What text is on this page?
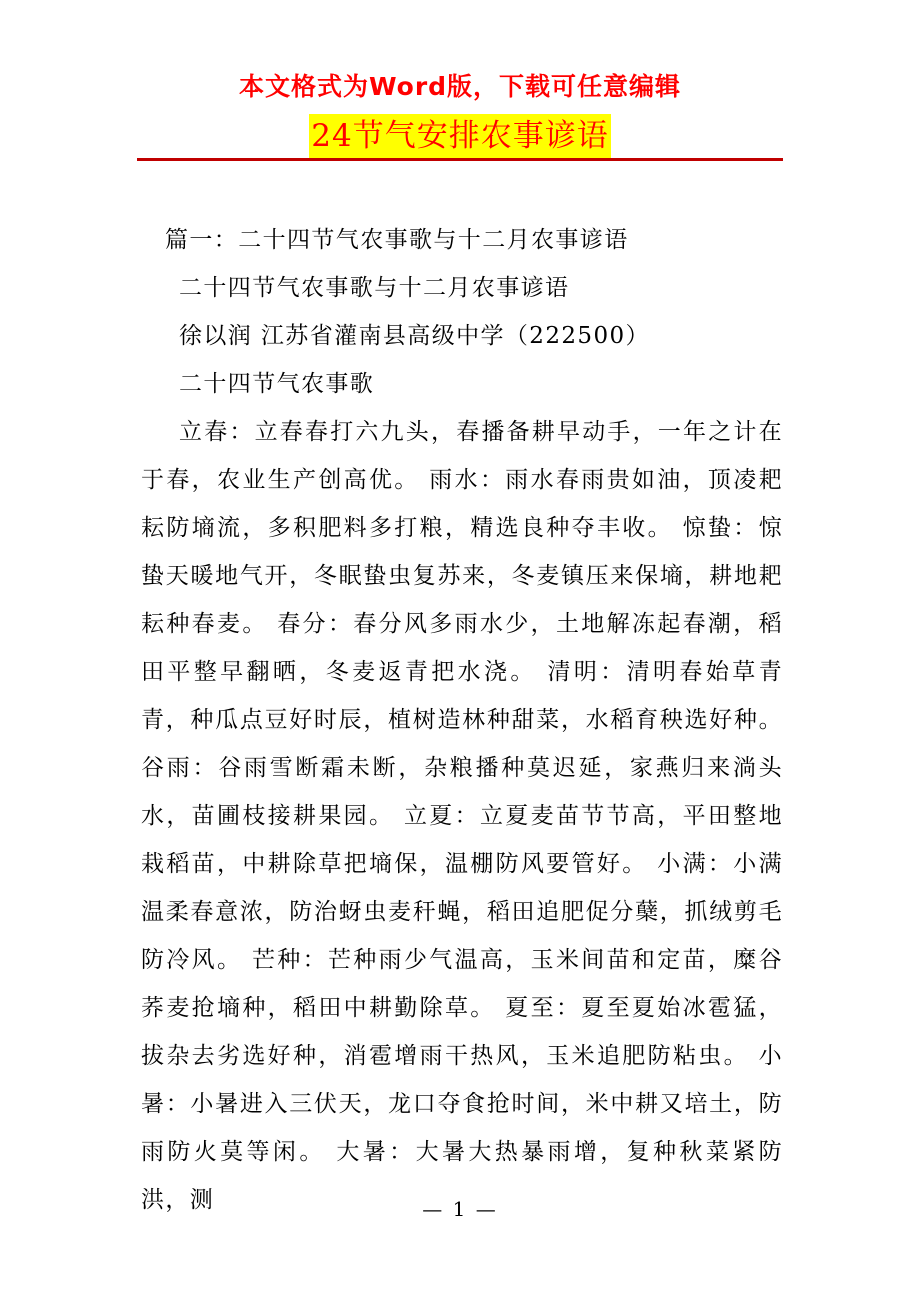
本文格式为Word版，下载可任意编辑
24节气安排农事谚语

篇一：二十四节气农事歌与十二月农事谚语

二十四节气农事歌与十二月农事谚语

徐以润 江苏省灌南县高级中学（222500）

二十四节气农事歌

立春：立春春打六九头，春播备耕早动手，一年之计在于春，农业生产创高优。 雨水：雨水春雨贵如油，顶凌耙耘防墒流，多积肥料多打粮，精选良种夺丰收。 惊蛰：惊蛰天暖地气开，冬眠蛰虫复苏来，冬麦镇压来保墒，耕地耙耘种春麦。 春分：春分风多雨水少，土地解冻起春潮，稻田平整早翻晒，冬麦返青把水浇。 清明：清明春始草青青，种瓜点豆好时辰，植树造林种甜菜，水稻育秧选好种。 谷雨：谷雨雪断霜未断，杂粮播种莫迟延，家燕归来淌头水，苗圃枝接耕果园。 立夏：立夏麦苗节节高，平田整地栽稻苗，中耕除草把墒保，温棚防风要管好。 小满：小满温柔春意浓，防治蚜虫麦秆蝇，稻田追肥促分蘖，抓绒剪毛防冷风。 芒种：芒种雨少气温高，玉米间苗和定苗，糜谷荞麦抢墒种，稻田中耕勤除草。 夏至：夏至夏始冰雹猛，拔杂去劣选好种，消雹增雨干热风，玉米追肥防粘虫。 小暑：小暑进入三伏天，龙口夺食抢时间，米中耕又培土，防雨防火莫等闲。 大暑：大暑大热暴雨增，复种秋菜紧防洪，测	— 1 —
